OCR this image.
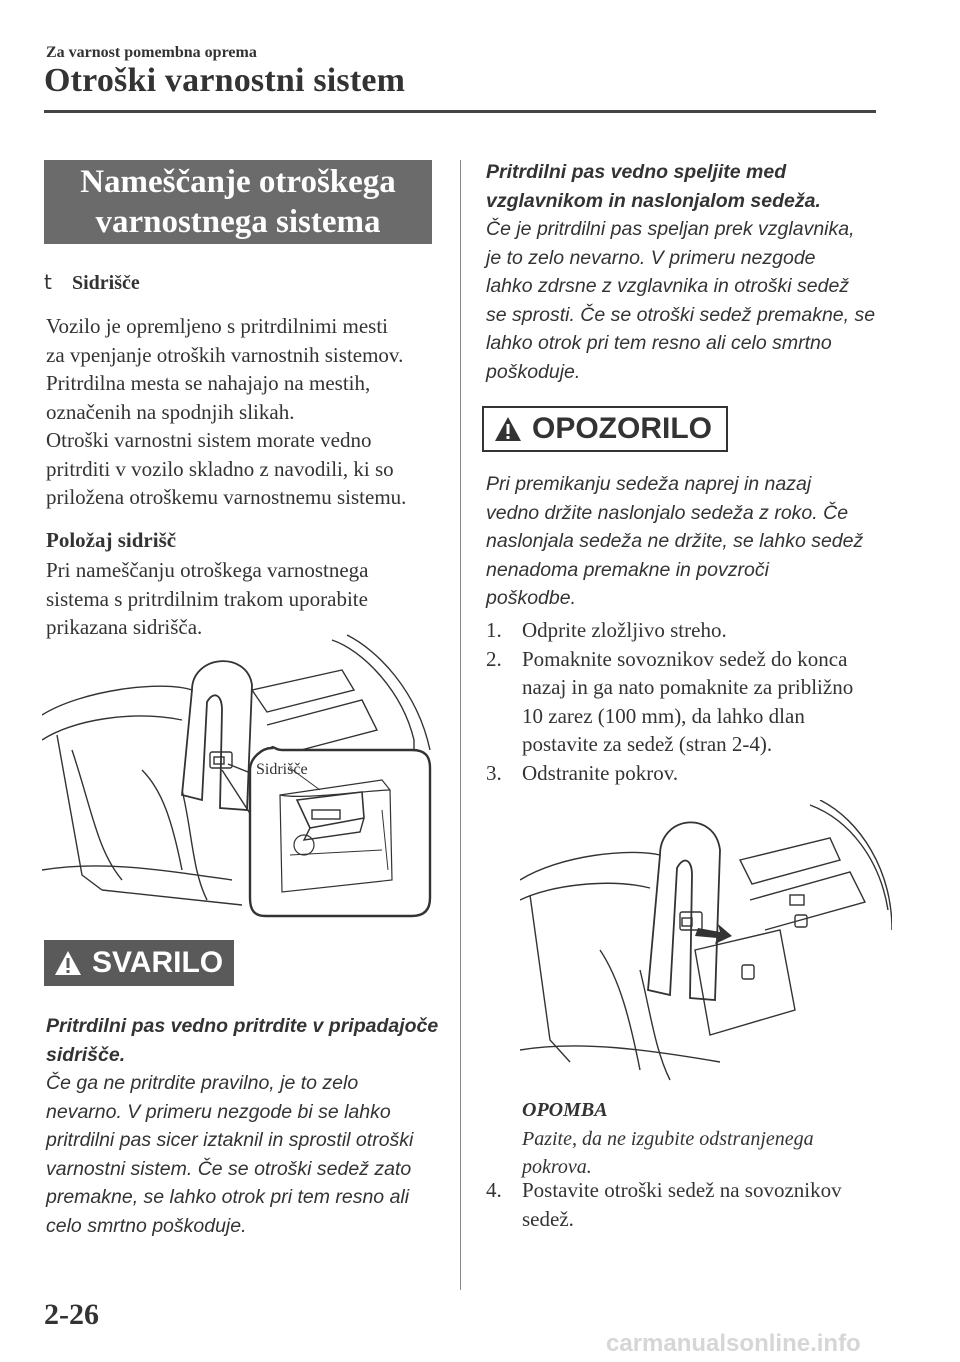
Za varnost pomembna oprema
Otroški varnostni sistem
Nameščanje otroškega
varnostnega sistema
t Sidrišče
Vozilo je opremljeno s pritrdilnimi mesti
za vpenjanje otroških varnostnih sistemov.
Pritrdilna mesta se nahajajo na mestih,
označenih na spodnjih slikah.
Otroški varnostni sistem morate vedno
pritrditi v vozilo skladno z navodili, ki so
priložena otroškemu varnostnemu sistemu.
Položaj sidrišč
Pri nameščanju otroškega varnostnega
sistema s pritrdilnim trakom uporabite
prikazana sidrišča.
Sidrišče
SVARILO
Pritrdilni pas vedno pritrdite v pripadajoče
sidrišče.
Če ga ne pritrdite pravilno, je to zelo
nevarno. V primeru nezgode bi se lahko
pritrdilni pas sicer iztaknil in sprostil otroški
varnostni sistem. Če se otroški sedež zato
premakne, se lahko otrok pri tem resno ali
celo smrtno poškoduje.
Pritrdilni pas vedno speljite med
vzglavnikom in naslonjalom sedeža.
Če je pritrdilni pas speljan prek vzglavnika,
je to zelo nevarno. V primeru nezgode
lahko zdrsne z vzglavnika in otroški sedež
se sprosti. Če se otroški sedež premakne, se
lahko otrok pri tem resno ali celo smrtno
poškoduje.
OPOZORILO
Pri premikanju sedeža naprej in nazaj
vedno držite naslonjalo sedeža z roko. Če
naslonjala sedeža ne držite, se lahko sedež
nenadoma premakne in povzroči
poškodbe.
1. Odprite zložljivo streho.
2. Pomaknite sovoznikov sedež do konca
nazaj in ga nato pomaknite za približno
10 zarez (100 mm), da lahko dlan
postavite za sedež (stran 2-4).
3. Odstranite pokrov.
OPOMBA
Pazite, da ne izgubite odstranjenega
pokrova.
4. Postavite otroški sedež na sovoznikov
sedež.
2-26
carmanualsonline.info
